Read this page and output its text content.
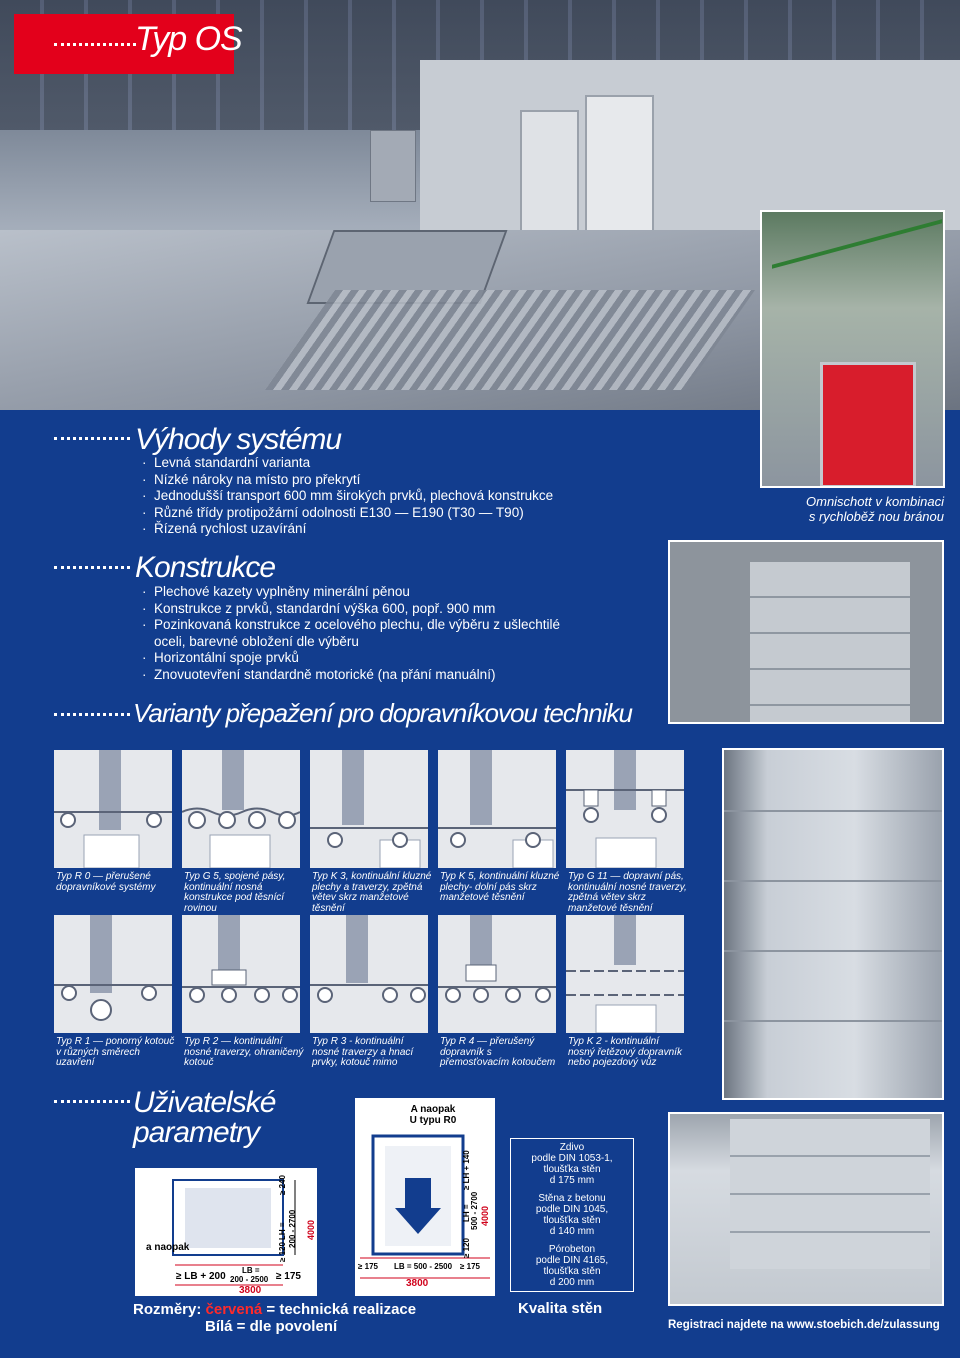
Typ OS
Výhody systému
· Levná standardní varianta
· Nízké nároky na místo pro překrytí
· Jednodušší transport 600 mm širokých prvků, plechová konstrukce
· Různé třídy protipožární odolnosti E130 — E190 (T30 — T90)
· Řízená rychlost uzavírání
Konstrukce
· Plechové kazety vyplněny minerální pěnou
· Konstrukce z prvků, standardní výška 600, popř. 900 mm
· Pozinkovaná konstrukce z ocelového plechu, dle výběru z ušlechtilé
oceli, barevné obložení dle výběru
· Horizontální spoje prvků
· Znovuotevření standardně motorické (na přání manuální)
Varianty přepažení pro dopravníkovou techniku
Omnischott v kombinaci
s rychloběž nou bránou
Typ R 0 — přerušené dopravníkové systémy
Typ G 5, spojené pásy, kontinuální nosná konstrukce pod těsnící rovinou
Typ K 3, kontinuální kluzné plechy a traverzy, zpětná větev skrz manžetové těsnění
Typ K 5, kontinuální kluzné plechy- dolní pás skrz manžetové těsnění
Typ G 11 — dopravní pás, kontinuální nosné traverzy, zpětná větev skrz manžetové těsnění
Typ R 1 — ponorný kotouč v různých směrech uzavření
Typ R 2 — kontinuální nosné traverzy, ohraničený kotouč
Typ R 3 - kontinuální nosné traverzy a hnací prvky, kotouč mimo
Typ R 4 — přerušený dopravník s přemosťovacím kotoučem
Typ K 2 - kontinuální nosný řetězový dopravník nebo pojezdový vůz
Uživatelské
parametry
a naopak
≥ LB + 200
LB =
200 - 2500 ≥ 175
3800
≥ 240
LH = 200 - 2700
≥ 120
4000
A naopak
U typu R0
≥ 175 LB = 500 - 2500 ≥ 175
3800
≥ LH + 140
LH = 500 - 2700
≥ 120
4000
Zdivo
podle DIN 1053-1,
tloušťka stěn
d 175 mm
Stěna z betonu
podle DIN 1045,
tloušťka stěn
d 140 mm
Pórobeton
podle DIN 4165,
tloušťka stěn
d 200 mm
Rozměry: červená = technická realizace
Bílá = dle povolení
Kvalita stěn
Registraci najdete na www.stoebich.de/zulassung
